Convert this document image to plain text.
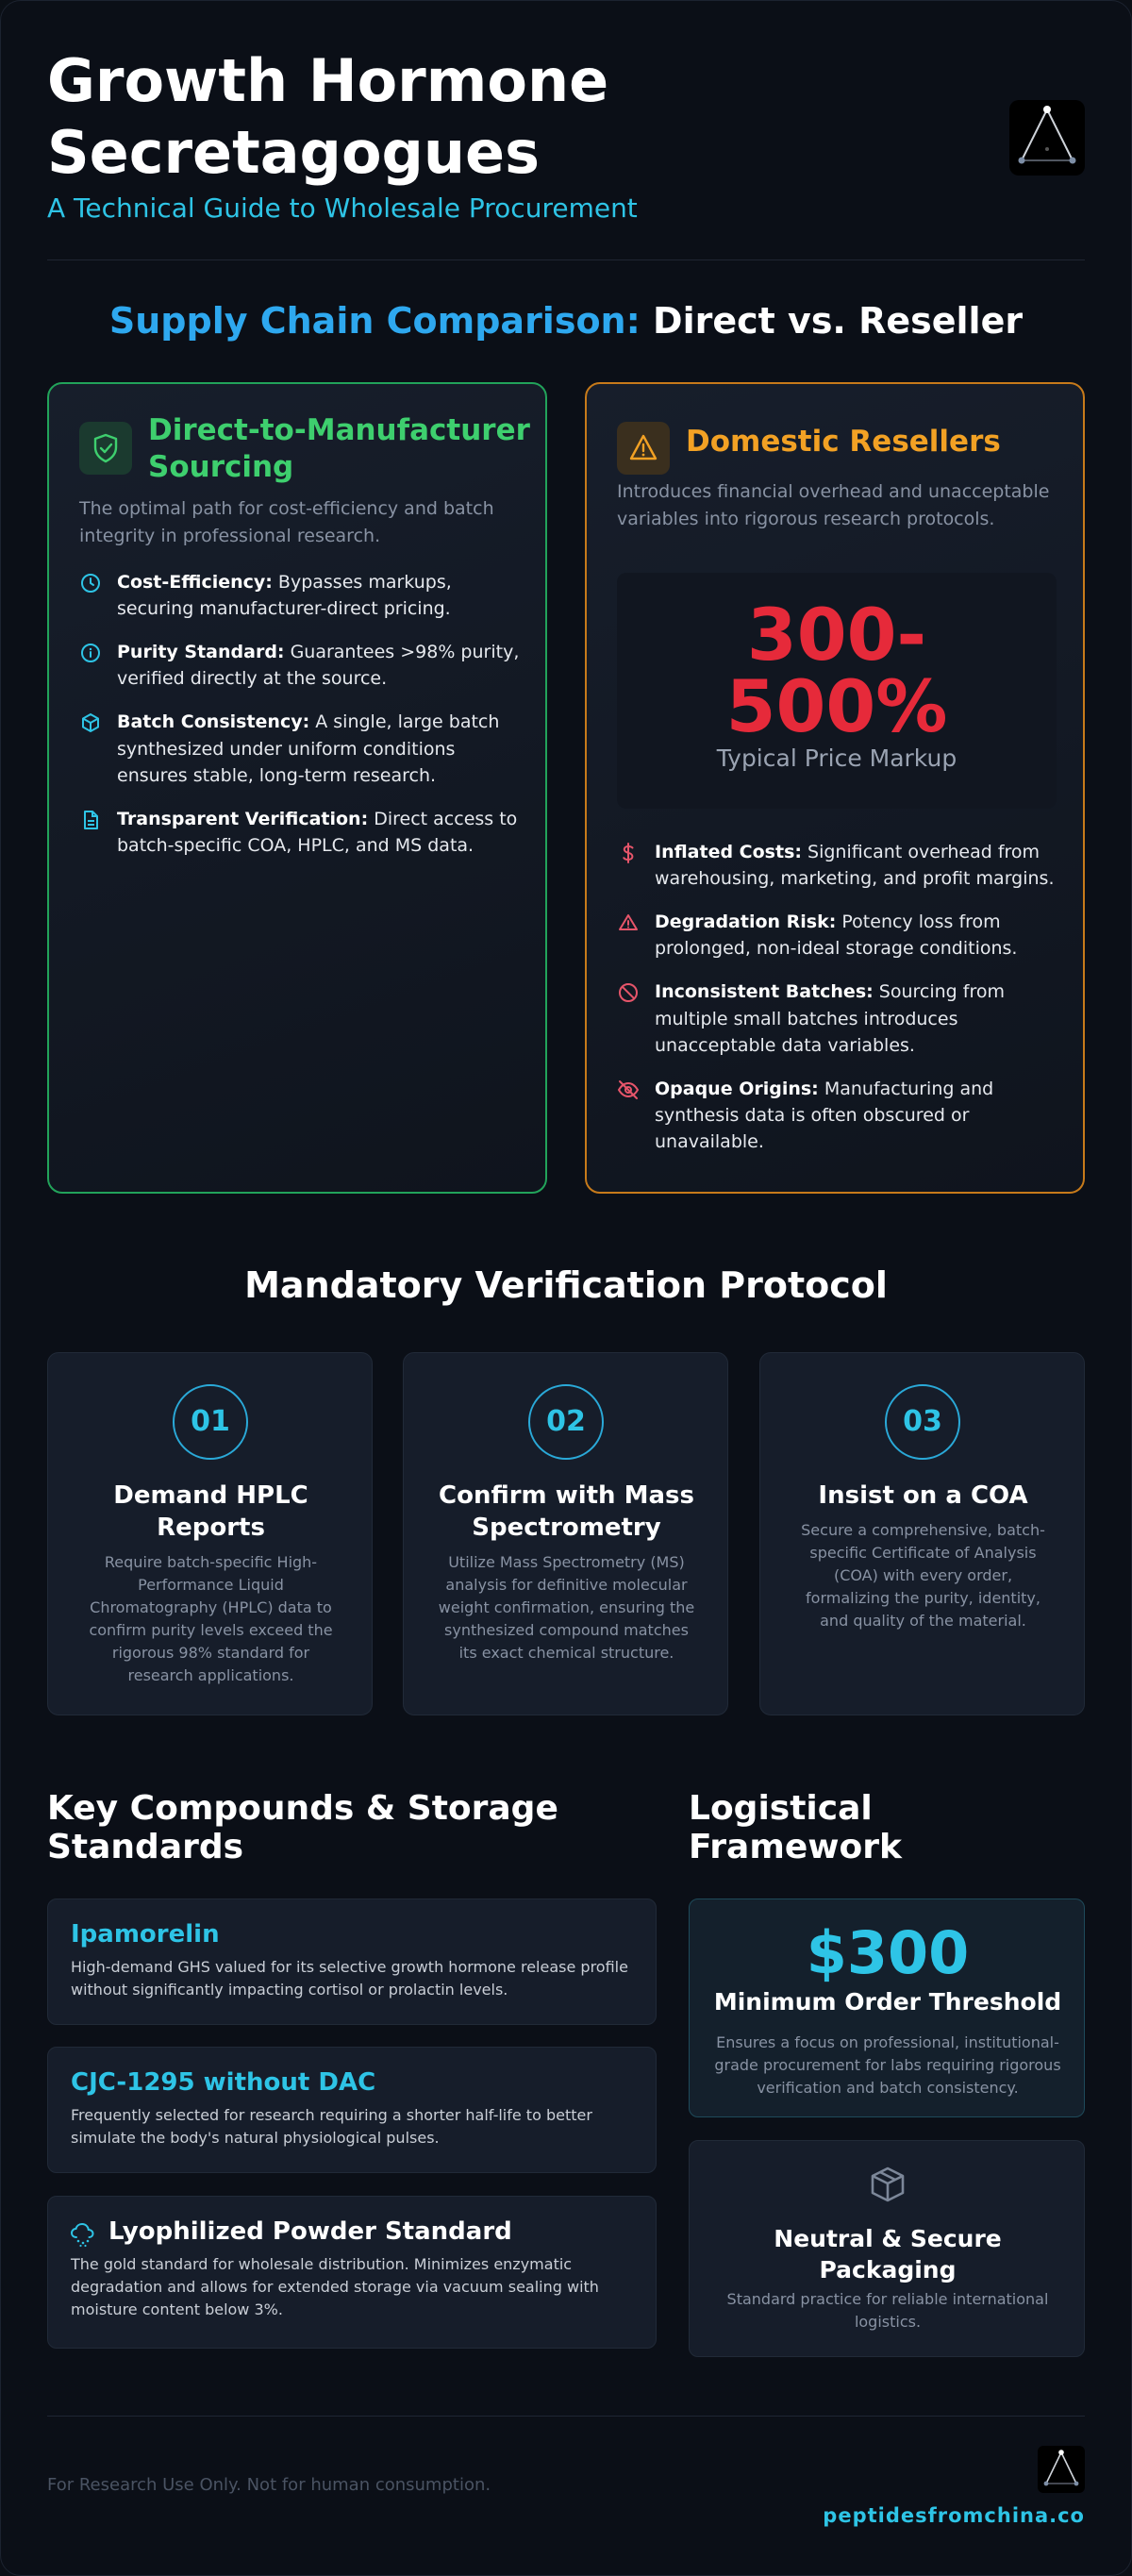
Growth Hormone Secretagogues
A Technical Guide to Wholesale Procurement
Supply Chain Comparison: Direct vs. Reseller
Direct-to-Manufacturer Sourcing
The optimal path for cost-efficiency and batch integrity in professional research.
Cost-Efficiency: Bypasses markups, securing manufacturer-direct pricing.
Purity Standard: Guarantees >98% purity, verified directly at the source.
Batch Consistency: A single, large batch synthesized under uniform conditions ensures stable, long-term research.
Transparent Verification: Direct access to batch-specific COA, HPLC, and MS data.
Domestic Resellers
Introduces financial overhead and unacceptable variables into rigorous research protocols.
300-500%
Typical Price Markup
Inflated Costs: Significant overhead from warehousing, marketing, and profit margins.
Degradation Risk: Potency loss from prolonged, non-ideal storage conditions.
Inconsistent Batches: Sourcing from multiple small batches introduces unacceptable data variables.
Opaque Origins: Manufacturing and synthesis data is often obscured or unavailable.
Mandatory Verification Protocol
01
Demand HPLC Reports
Require batch-specific High-Performance Liquid Chromatography (HPLC) data to confirm purity levels exceed the rigorous 98% standard for research applications.
02
Confirm with Mass Spectrometry
Utilize Mass Spectrometry (MS) analysis for definitive molecular weight confirmation, ensuring the synthesized compound matches its exact chemical structure.
03
Insist on a COA
Secure a comprehensive, batch-specific Certificate of Analysis (COA) with every order, formalizing the purity, identity, and quality of the material.
Key Compounds & Storage Standards
Ipamorelin
High-demand GHS valued for its selective growth hormone release profile without significantly impacting cortisol or prolactin levels.
CJC-1295 without DAC
Frequently selected for research requiring a shorter half-life to better simulate the body's natural physiological pulses.
Lyophilized Powder Standard
The gold standard for wholesale distribution. Minimizes enzymatic degradation and allows for extended storage via vacuum sealing with moisture content below 3%.
Logistical Framework
$300
Minimum Order Threshold
Ensures a focus on professional, institutional-grade procurement for labs requiring rigorous verification and batch consistency.
Neutral & Secure Packaging
Standard practice for reliable international logistics.
For Research Use Only. Not for human consumption.
peptidesfromchina.co
